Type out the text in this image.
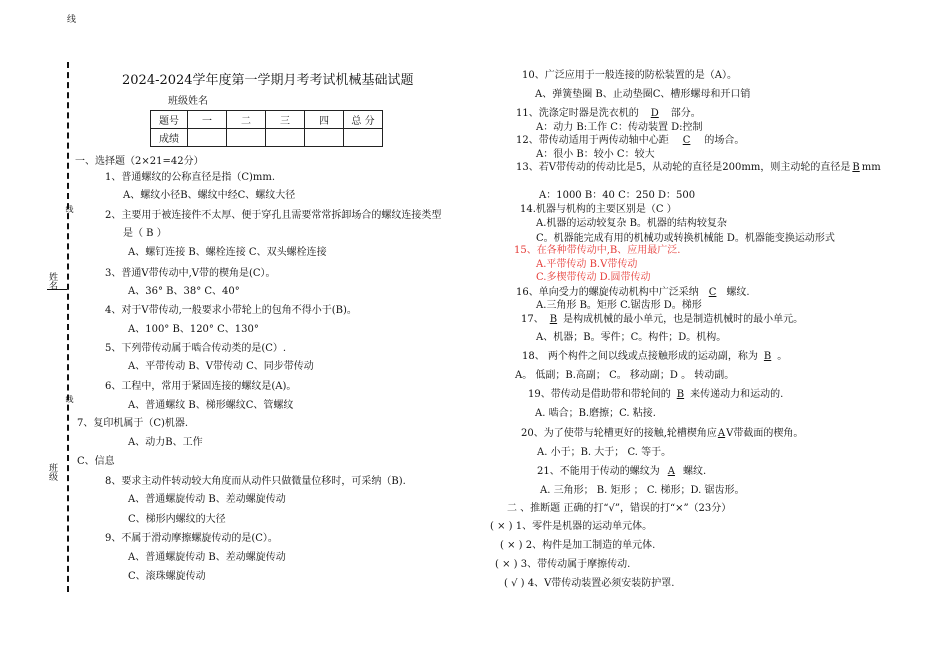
线
线
姓名
线
班级
2024-2024学年度第一学期月考考试机械基础试题
班级姓名
题号	一	二	三	四	总 分
成绩					
一、选择题（2×21=42分）
1、普通螺纹的公称直径是指（C)mm.
A、螺纹小径B、螺纹中经C、螺纹大径
2、主要用于被连接件不太厚、便于穿孔且需要常常拆卸场合的螺纹连接类型
是（ B ）
A、螺钉连接 B、螺栓连接 C、双头螺栓连接
3、普通V带传动中,V带的楔角是(C）。
A、36° B、38° C、40°
4、对于V带传动,一般要求小带轮上的包角不得小于(B)。
A、100° B、120° C、130°
5、下列带传动属于啮合传动类的是(C）.
A、平带传动 B、V带传动 C、同步带传动
6、工程中，常用于紧固连接的螺纹是(A)。
A、普通螺纹 B、梯形螺纹C、管螺纹
7、复印机属于（C)机器.
A、动力B、工作
C、信息
8、要求主动件转动较大角度而从动件只做微量位移时，可采纳（B).
A、普通螺旋传动 B、差动螺旋传动
C、梯形内螺纹的大径
9、不属于滑动摩擦螺旋传动的是(C）。
A、普通螺旋传动 B、差动螺旋传动
C、滚珠螺旋传动
10、广泛应用于一般连接的防松装置的是（A）。
A、弹簧垫圈 B、止动垫圈C、槽形螺母和开口销
11、洗涤定时器是洗衣机的 D 部分。
A：动力 B:工作 C：传动装置 D:控制
12、带传动适用于两传动轴中心距 C 的场合。
A：很小 B：较小 C：较大
13、若V带传动的传动比是5，从动轮的直径是200mm，则主动轮的直径是 B mm
A：1000 B：40 C：250 D：500
14.机器与机构的主要区别是（C ）
A.机器的运动较复杂 B。机器的结构较复杂
C。机器能完成有用的机械功或转换机械能 D。机器能变换运动形式
15、在各种带传动中,B、应用最广泛.
A.平带传动 B.V带传动
C.多楔带传动 D.圆带传动
16、单向受力的螺旋传动机构中广泛采纳 C 螺纹.
A.三角形 B。矩形 C.锯齿形 D。梯形
17、 B 是构成机械的最小单元，也是制造机械时的最小单元。
A、机器；B。零件；C。构件；D。机构。
18、 两个构件之间以线或点接触形成的运动副，称为 B 。
A。 低副；B.高副； C。 移动副；D 。 转动副。
19、带传动是借助带和带轮间的 B 来传递动力和运动的.
A. 啮合；B.磨擦；C. 粘接.
20、为了使带与轮槽更好的接触,轮槽楔角应AV带截面的楔角。
A. 小于；B. 大于； C. 等于。
21、不能用于传动的螺纹为 A 螺纹.
A. 三角形； B. 矩形 ； C. 梯形；D. 锯齿形。
二 、推断题 正确的打“√”，错误的打“×”（23分）
( × ) 1、零件是机器的运动单元体。
( × ) 2、构件是加工制造的单元体.
( × ) 3、带传动属于摩擦传动.
( √ ) 4、V带传动装置必须安装防护罩.
